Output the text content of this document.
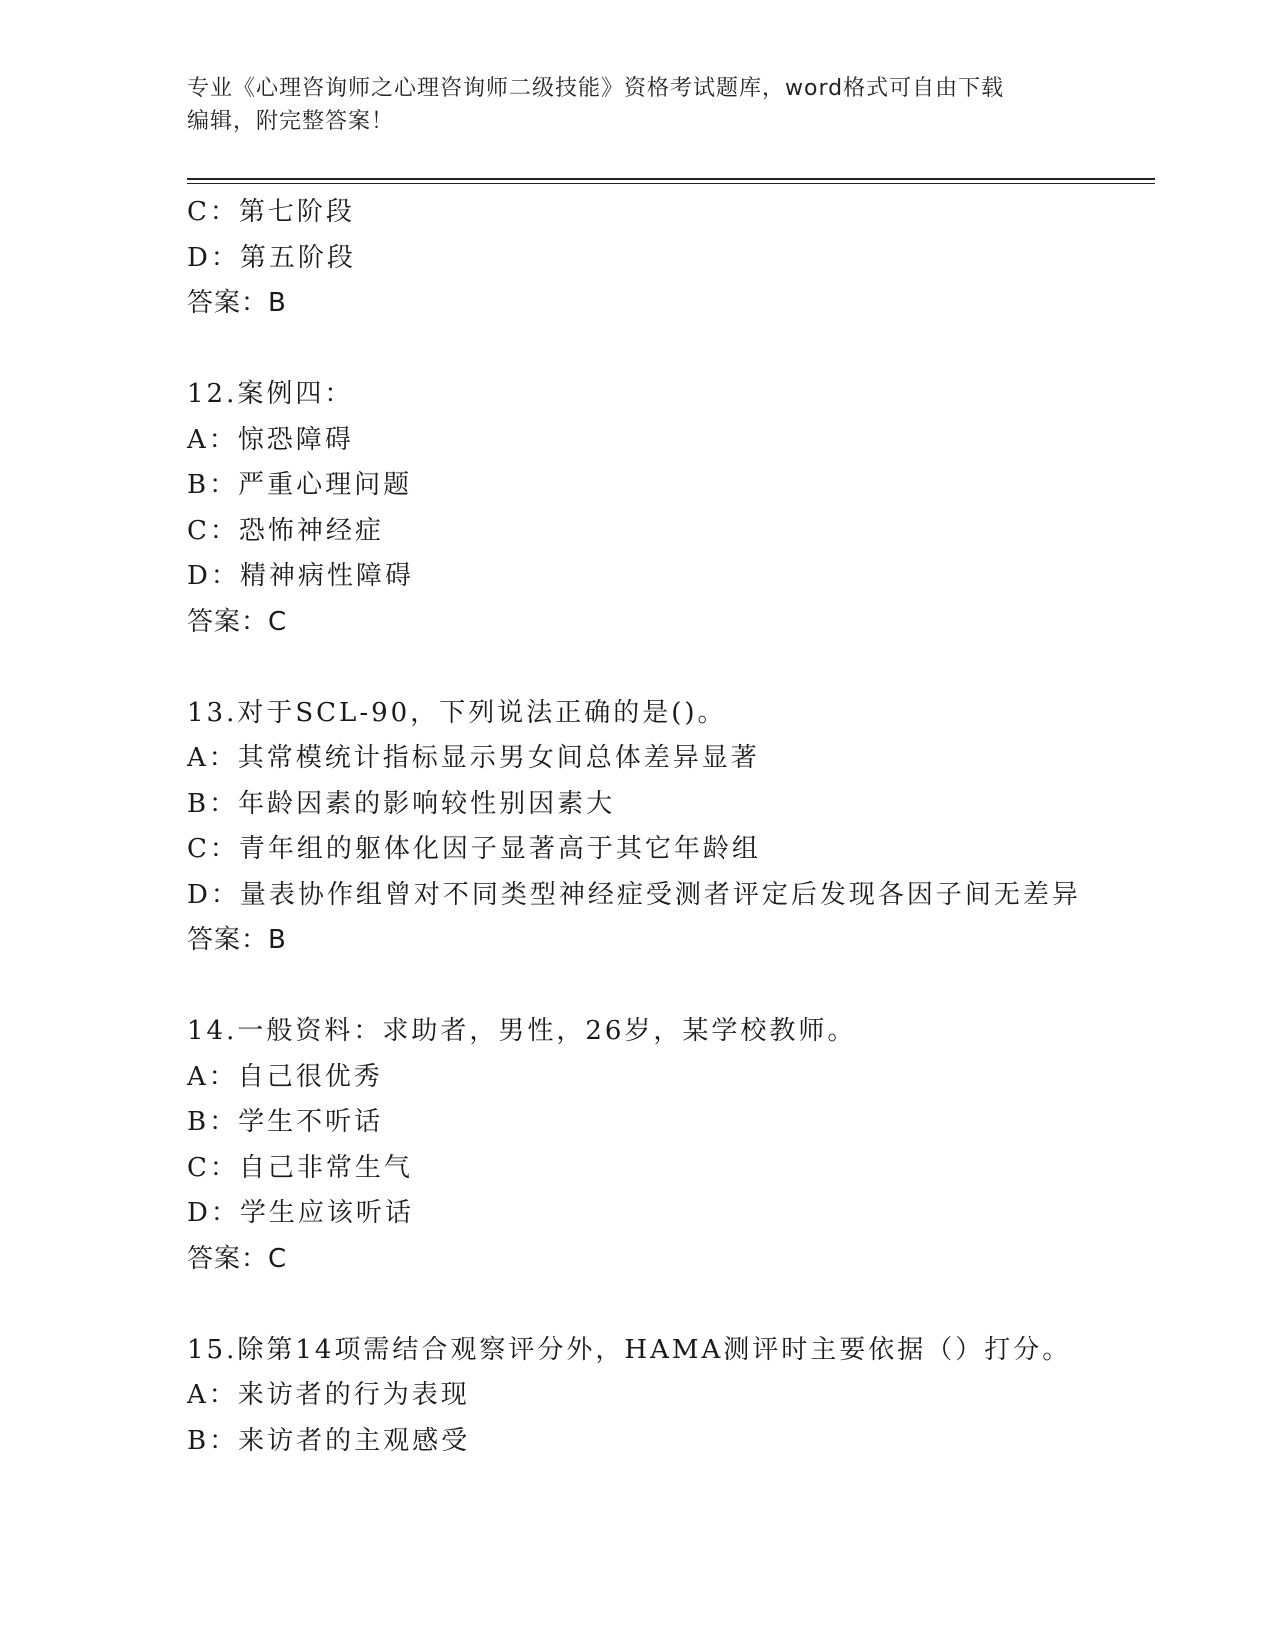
专业《心理咨询师之心理咨询师二级技能》资格考试题库，word格式可自由下载
编辑，附完整答案！
C：第七阶段
D：第五阶段
答案：B
12.案例四：
A：惊恐障碍
B：严重心理问题
C：恐怖神经症
D：精神病性障碍
答案：C
13.对于SCL-90，下列说法正确的是()。
A：其常模统计指标显示男女间总体差异显著
B：年龄因素的影响较性别因素大
C：青年组的躯体化因子显著高于其它年龄组
D：量表协作组曾对不同类型神经症受测者评定后发现各因子间无差异
答案：B
14.一般资料：求助者，男性，26岁，某学校教师。
A：自己很优秀
B：学生不听话
C：自己非常生气
D：学生应该听话
答案：C
15.除第14项需结合观察评分外，HAMA测评时主要依据（）打分。
A：来访者的行为表现
B：来访者的主观感受
